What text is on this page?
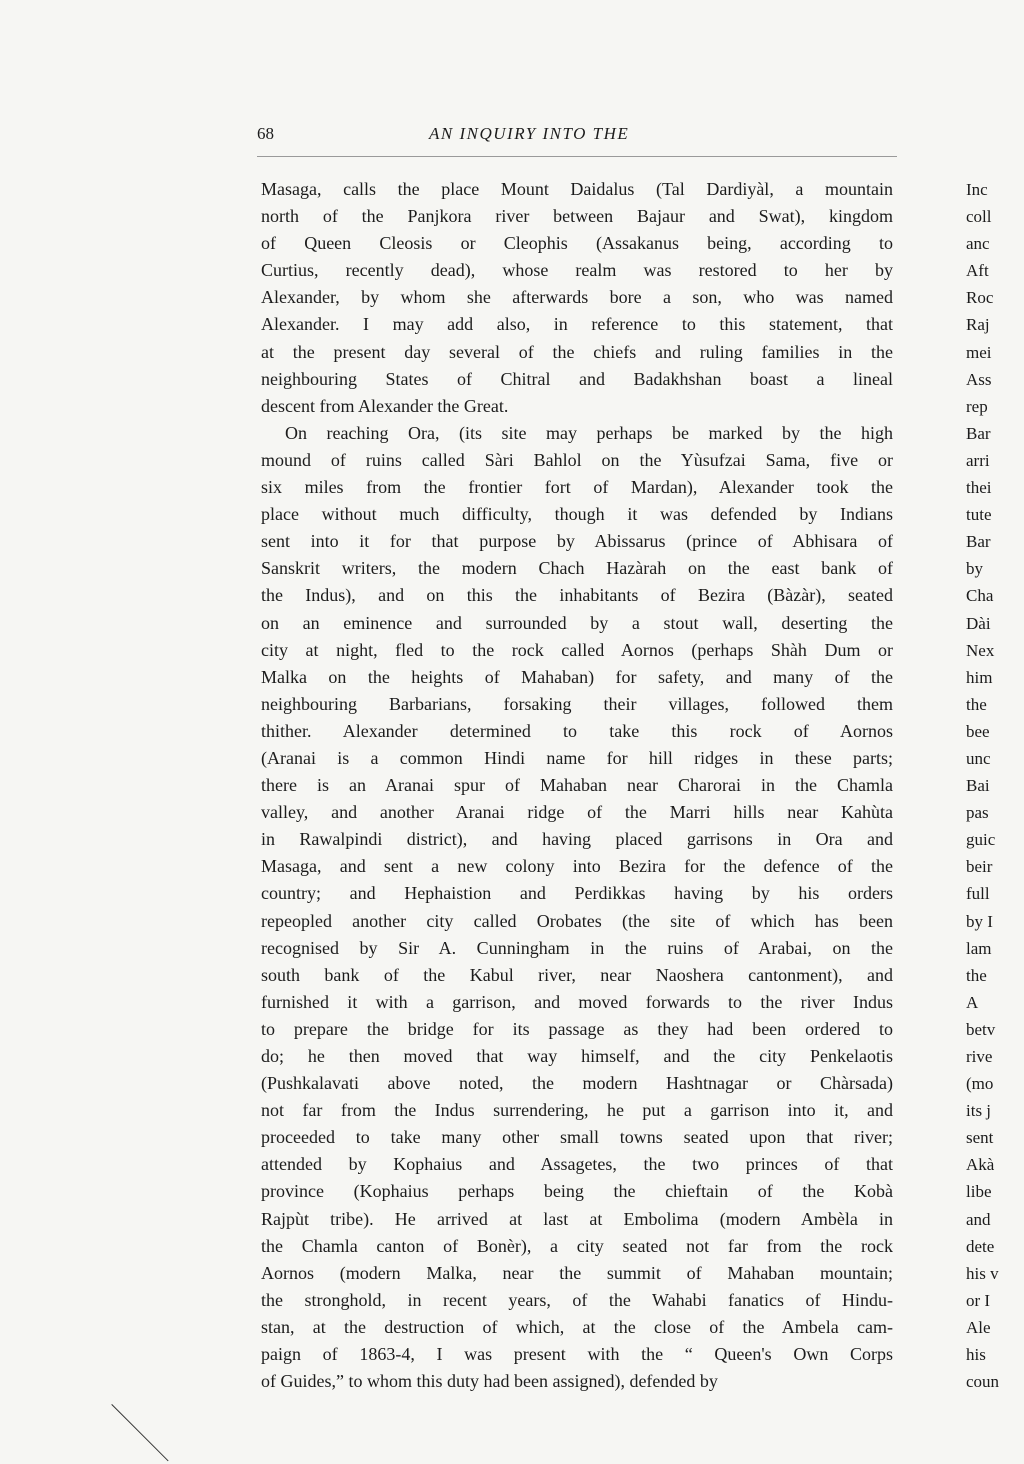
68	AN INQUIRY INTO THE
Masaga, calls the place Mount Daidalus (Tal Dardiyàl, a mountain
north of the Panjkora river between Bajaur and Swat), kingdom
of Queen Cleosis or Cleophis (Assakanus being, according to
Curtius, recently dead), whose realm was restored to her by
Alexander, by whom she afterwards bore a son, who was named
Alexander. I may add also, in reference to this statement, that
at the present day several of the chiefs and ruling families in the
neighbouring States of Chitral and Badakhshan boast a lineal
descent from Alexander the Great.
On reaching Ora, (its site may perhaps be marked by the high
mound of ruins called Sàri Bahlol on the Yùsufzai Sama, five or
six miles from the frontier fort of Mardan), Alexander took the
place without much difficulty, though it was defended by Indians
sent into it for that purpose by Abissarus (prince of Abhisara of
Sanskrit writers, the modern Chach Hazàrah on the east bank of
the Indus), and on this the inhabitants of Bezira (Bàzàr), seated
on an eminence and surrounded by a stout wall, deserting the
city at night, fled to the rock called Aornos (perhaps Shàh Dum or
Malka on the heights of Mahaban) for safety, and many of the
neighbouring Barbarians, forsaking their villages, followed them
thither. Alexander determined to take this rock of Aornos
(Aranai is a common Hindi name for hill ridges in these parts;
there is an Aranai spur of Mahaban near Charorai in the Chamla
valley, and another Aranai ridge of the Marri hills near Kahùta
in Rawalpindi district), and having placed garrisons in Ora and
Masaga, and sent a new colony into Bezira for the defence of the
country; and Hephaistion and Perdikkas having by his orders
repeopled another city called Orobates (the site of which has been
recognised by Sir A. Cunningham in the ruins of Arabai, on the
south bank of the Kabul river, near Naoshera cantonment), and
furnished it with a garrison, and moved forwards to the river Indus
to prepare the bridge for its passage as they had been ordered to
do; he then moved that way himself, and the city Penkelaotis
(Pushkalavati above noted, the modern Hashtnagar or Chàrsada)
not far from the Indus surrendering, he put a garrison into it, and
proceeded to take many other small towns seated upon that river;
attended by Kophaius and Assagetes, the two princes of that
province (Kophaius perhaps being the chieftain of the Kobà
Rajpùt tribe). He arrived at last at Embolima (modern Ambèla in
the Chamla canton of Bonèr), a city seated not far from the rock
Aornos (modern Malka, near the summit of Mahaban mountain;
the stronghold, in recent years, of the Wahabi fanatics of Hindu-
stan, at the destruction of which, at the close of the Ambela cam-
paign of 1863-4, I was present with the “ Queen's Own Corps
of Guides,” to whom this duty had been assigned), defended by
Inc
coll
anc
Aft
Roc
Raj
mei
Ass
rep
Bar
arri
thei
tute
Bar
by
Cha
Dài
Nex
him
the
bee
unc
Bai
pas
guic
beir
full
by I
lam
the
A
betv
rive
(mo
its j
sent
Akà
libe
and
dete
his v
or I
Ale
his
coun
